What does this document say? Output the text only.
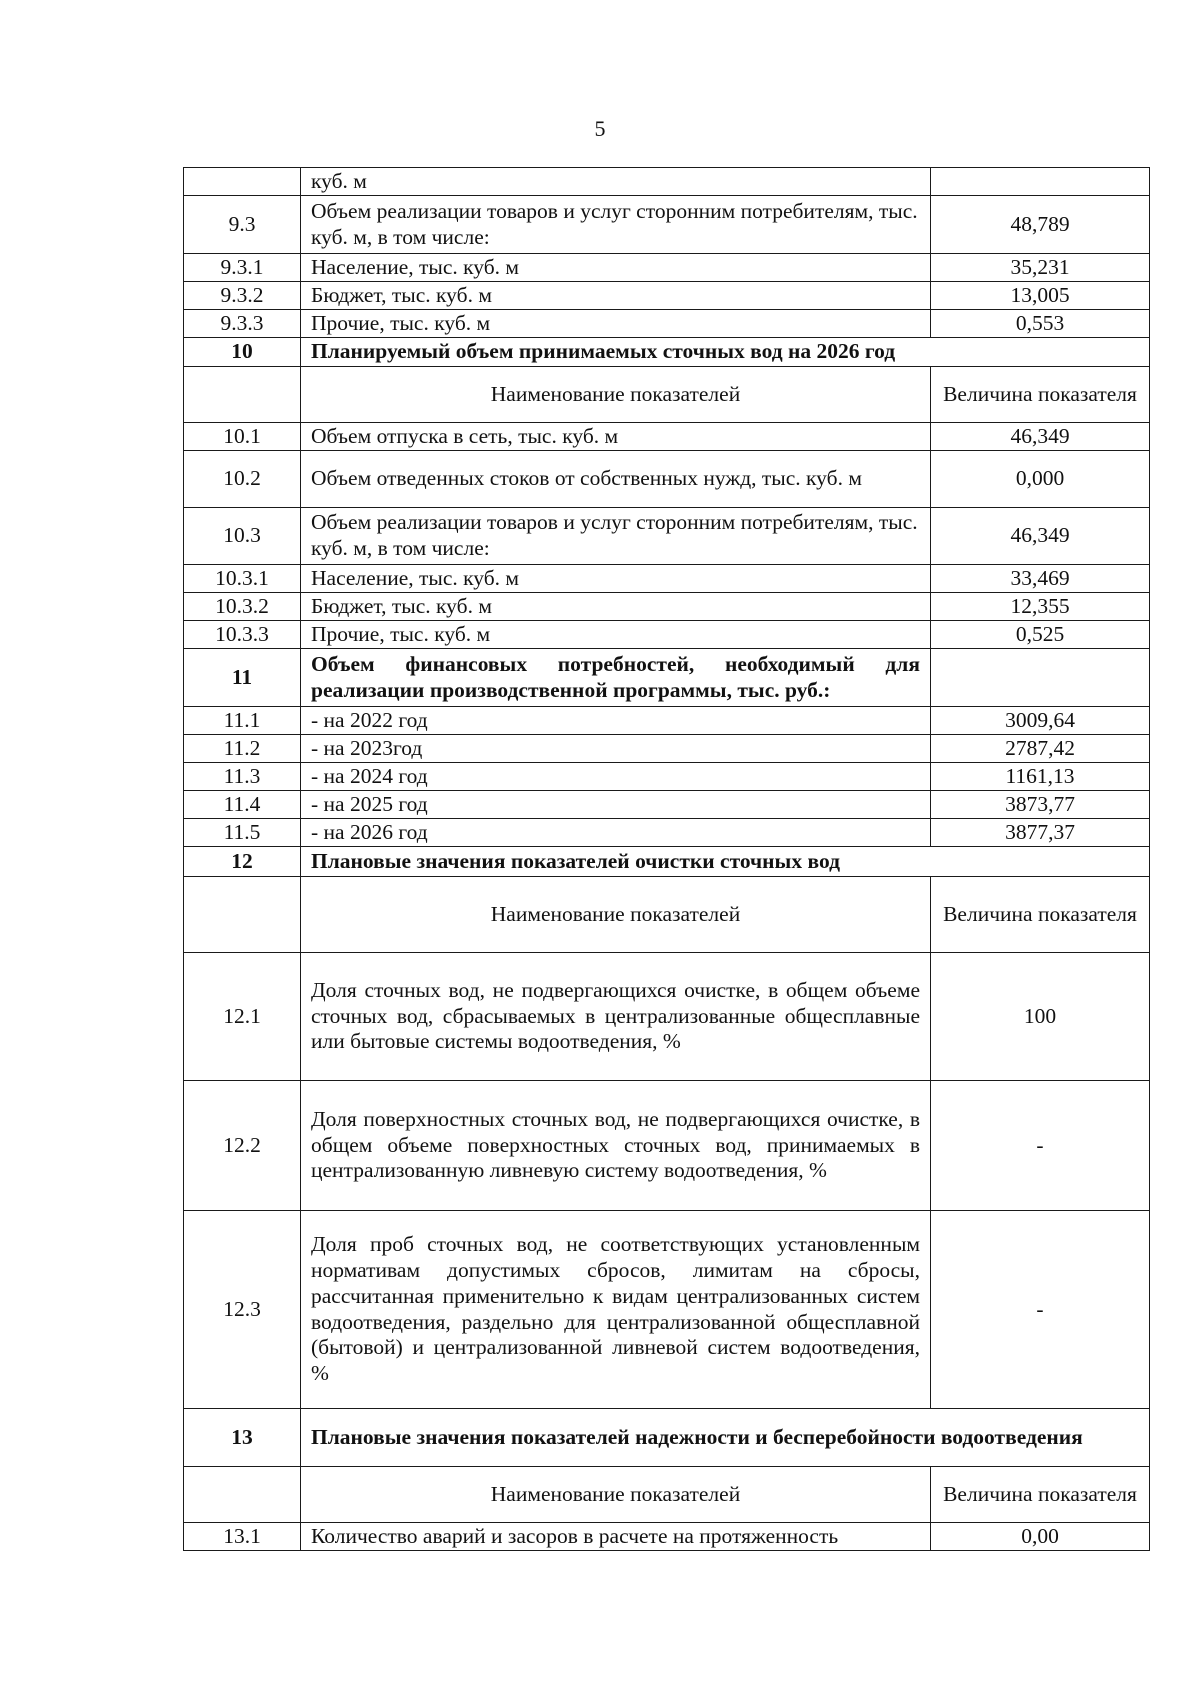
5
	куб. м	
9.3	Объем реализации товаров и услуг сторонним потребителям, тыс. куб. м, в том числе:	48,789
9.3.1	Население, тыс. куб. м	35,231
9.3.2	Бюджет, тыс. куб. м	13,005
9.3.3	Прочие, тыс. куб. м	0,553
10	Планируемый объем принимаемых сточных вод на 2026 год	
	Наименование показателей	Величина показателя
10.1	Объем отпуска в сеть, тыс. куб. м	46,349
10.2	Объем отведенных стоков от собственных нужд, тыс. куб. м	0,000
10.3	Объем реализации товаров и услуг сторонним потребителям, тыс. куб. м, в том числе:	46,349
10.3.1	Население, тыс. куб. м	33,469
10.3.2	Бюджет, тыс. куб. м	12,355
10.3.3	Прочие, тыс. куб. м	0,525
11	Объем финансовых потребностей, необходимый для реализации производственной программы, тыс. руб.:	
11.1	- на 2022 год	3009,64
11.2	- на 2023год	2787,42
11.3	- на 2024 год	1161,13
11.4	- на 2025 год	3873,77
11.5	- на 2026 год	3877,37
12	Плановые значения показателей очистки сточных вод	
	Наименование показателей	Величина показателя
12.1	Доля сточных вод, не подвергающихся очистке, в общем объеме сточных вод, сбрасываемых в централизованные общесплавные или бытовые системы водоотведения, %	100
12.2	Доля поверхностных сточных вод, не подвергающихся очистке, в общем объеме поверхностных сточных вод, принимаемых в централизованную ливневую систему водоотведения, %	-
12.3	Доля проб сточных вод, не соответствующих установленным нормативам допустимых сбросов, лимитам на сбросы, рассчитанная применительно к видам централизованных систем водоотведения, раздельно для централизованной общесплавной (бытовой) и централизованной ливневой систем водоотведения, %	-
13	Плановые значения показателей надежности и бесперебойности водоотведения	
	Наименование показателей	Величина показателя
13.1	Количество аварий и засоров в расчете на протяженность	0,00
